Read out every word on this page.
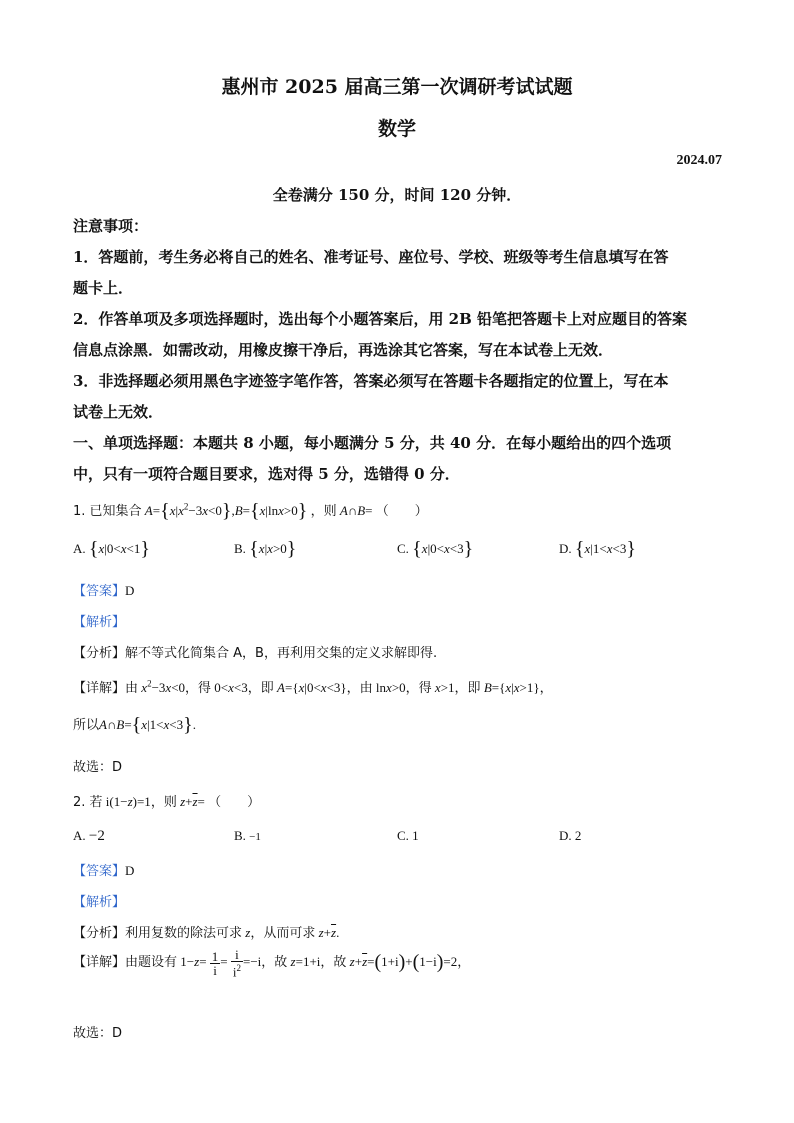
惠州市 2025 届高三第一次调研考试试题
数学
2024.07
全卷满分 150 分，时间 120 分钟．
注意事项：
1．答题前，考生务必将自己的姓名、准考证号、座位号、学校、班级等考生信息填写在答
题卡上．
2．作答单项及多项选择题时，选出每个小题答案后，用 2B 铅笔把答题卡上对应题目的答案
信息点涂黑．如需改动，用橡皮擦干净后，再选涂其它答案，写在本试卷上无效．
3．非选择题必须用黑色字迹签字笔作答，答案必须写在答题卡各题指定的位置上，写在本
试卷上无效．
一、单项选择题：本题共 8 小题，每小题满分 5 分，共 40 分．在每小题给出的四个选项
中，只有一项符合题目要求，选对得 5 分，选错得 0 分．
1. 已知集合 $A=\{x|x^2-3x<0\},B=\{x|\ln x>0\}$ ，则 A∩B= （　　）
A. {x|0<x<1}	B. {x|x>0}	C. {x|0<x<3}	D. {x|1<x<3}
【答案】D
【解析】
【分析】解不等式化简集合 A，B，再利用交集的定义求解即得.
【详解】由 $x^2-3x<0$，得 0<x<3，即 A={x|0<x<3}，由 lnx>0，得 x>1，即 B={x|x>1}，
所以A∩B={x|1<x<3}.
故选：D
2. 若 i(1−z)=1，则 $z+\overline{z}=$ （　　）
A. −2	B. −1	C. 1	D. 2
【答案】D
【解析】
【分析】利用复数的除法可求 z，从而可求 $z+\overline{z}$.
【详解】由题设有 $1-z= \frac{1}{i} = \frac{i}{i^2} =-i$，故 z=1+i，故 $z+\overline{z}=(1+i)+(1-i)=2$，
故选：D
